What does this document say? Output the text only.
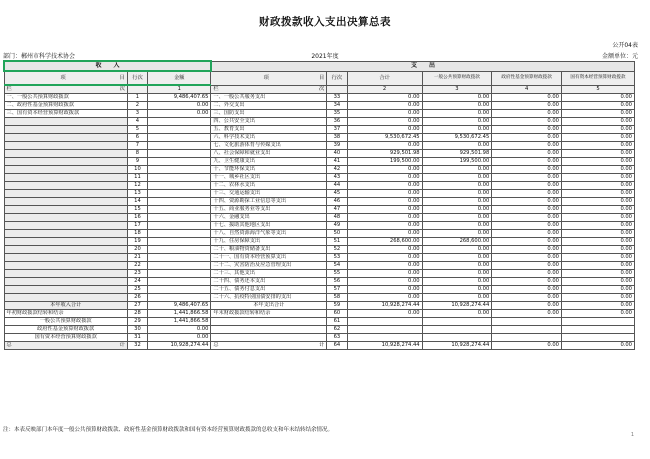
财政拨款收入支出决算总表
公开04表
部门：郴州市科学技术协会	2021年度	金额单位：元
收　　入			支　　出					
项 目	行次	金额	项 目	行次	合计	一般公共预算财政拨款	政府性基金预算财政拨款	国有资本经营预算财政拨款
栏 次		1	栏 次		2	3	4	5
一、一般公共预算财政拨款	1	9,486,407.65	一、一般公共服务支出	33	0.00	0.00	0.00	0.00
二、政府性基金预算财政拨款	2	0.00	二、外交支出	34	0.00	0.00	0.00	0.00
三、国有资本经营预算财政拨款	3	0.00	三、国防支出	35	0.00	0.00	0.00	0.00
	4		四、公共安全支出	36	0.00	0.00	0.00	0.00
	5		五、教育支出	37	0.00	0.00	0.00	0.00
	6		六、科学技术支出	38	9,530,672.45	9,530,672.45	0.00	0.00
	7		七、文化旅游体育与传媒支出	39	0.00	0.00	0.00	0.00
	8		八、社会保障和就业支出	40	929,501.98	929,501.98	0.00	0.00
	9		九、卫生健康支出	41	199,500.00	199,500.00	0.00	0.00
	10		十、节能环保支出	42	0.00	0.00	0.00	0.00
	11		十一、城乡社区支出	43	0.00	0.00	0.00	0.00
	12		十二、农林水支出	44	0.00	0.00	0.00	0.00
	13		十三、交通运输支出	45	0.00	0.00	0.00	0.00
	14		十四、资源勘探工业信息等支出	46	0.00	0.00	0.00	0.00
	15		十五、商业服务业等支出	47	0.00	0.00	0.00	0.00
	16		十六、金融支出	48	0.00	0.00	0.00	0.00
	17		十七、援助其他地区支出	49	0.00	0.00	0.00	0.00
	18		十八、自然资源海洋气象等支出	50	0.00	0.00	0.00	0.00
	19		十九、住房保障支出	51	268,600.00	268,600.00	0.00	0.00
	20		二十、粮油物资储备支出	52	0.00	0.00	0.00	0.00
	21		二十一、国有资本经营预算支出	53	0.00	0.00	0.00	0.00
	22		二十二、灾害防治及应急管理支出	54	0.00	0.00	0.00	0.00
	23		二十三、其他支出	55	0.00	0.00	0.00	0.00
	24		二十四、债务还本支出	56	0.00	0.00	0.00	0.00
	25		二十五、债务付息支出	57	0.00	0.00	0.00	0.00
	26		二十六、抗疫特别国债安排的支出	58	0.00	0.00	0.00	0.00
本年收入合计	27	9,486,407.65	本年支出合计	59	10,928,274.44	10,928,274.44	0.00	0.00
年初财政拨款结转和结余	28	1,441,866.58	年末财政拨款结转和结余	60	0.00	0.00	0.00	0.00
一般公共预算财政拨款	29	1,441,866.58		61				
政府性基金预算财政拨款	30	0.00		62				
国有资本经营预算财政拨款	31	0.00		63				
总 计	32	10,928,274.44	总 计	64	10,928,274.44	10,928,274.44	0.00	0.00
注：本表反映部门本年度一般公共预算财政拨款、政府性基金预算财政拨款和国有资本经营预算财政拨款的总收支和年末结转结余情况。
1
